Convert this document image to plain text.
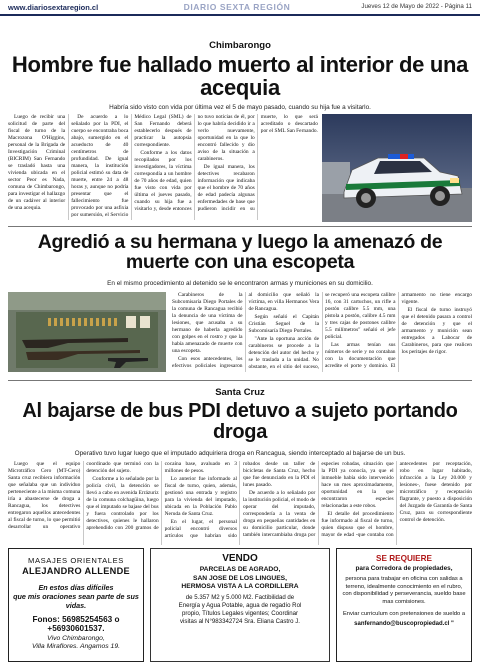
www.diariosextaregion.cl	DIARIO SEXTA REGIÓN	Jueves 12 de Mayo de 2022 - Página 11
Chimbarongo
Hombre fue hallado muerto al interior de una acequia
Habría sido visto con vida por última vez el 5 de mayo pasado, cuando su hija fue a visitarlo.

Luego de recibir una solicitud de parte del fiscal de turno de la Macrozona O'Higgins, personal de la Brigada de Investigación Criminal (BICRIM) San Fernando se trasladó hasta una vivienda ubicada en el sector Peor es Nada, comuna de Chimbarongo, para investigar el hallazgo de un cadáver al interior de una acequia.

De acuerdo a lo señalado por la PDI, el cuerpo se encontraba boca abajo, sumergido en el acueducto de 40 centímetros de profundidad. De igual manera, la institución policial estimó su data de muerte, entre 24 a 48 horas y, aunque no podría presentar que el fallecimiento fue provocado por una asfixia por sumersión, el Servicio Médico Legal (SML) de San Fernando deberá establecerlo después de practicar la autopsia correspondiente.

Conforme a los datos recopilados por los investigadores, la víctima correspondía a un hombre de 70 años de edad, quien fue visto con vida por última el jueves pasado, cuando su hija fue a visitarlo y, desde entonces no tuvo noticias de él, por lo que habría decidido ir a verlo nuevamente, oportunidad en la que lo encontró fallecido y dio aviso de la situación a carabineros.

De igual manera, los detectives recabaron información que indicaba que el hombre de 70 años de edad padecía algunas enfermedades de base que pudieron incidir en su muerte, lo que será acreditado o descartado por el SML San Fernando.

Agredió a su hermana y luego la amenazó de muerte con una escopeta
En el mismo procedimiento al detenido se le encontraron armas y municiones en su domicilio.

Carabineros de la Subcomisaría Diego Portales de la comuna de Rancagua recibió la denuncia de una víctima de lesiones, que acusaba a su hermano de haberla agredido con golpes en el rostro y que la había amenazado de muerte con una escopeta.

Con esos antecedentes, los efectivos policiales ingresaron al domicilio que señaló la víctima, en villa Hermanos Vera de Rancagua.

Según señaló el Capitán Cristián Seguel de la Subcomisaría Diego Portales.

"Ante la oportuna acción de carabineros se procede a la detención del autor del hecho y se le traslada a la unidad. No obstante, en el sitio del suceso, se recuperó una escopeta calibre 16, con 31 cartuchos, un rifle a postón calibre 5.5 mm, una pistola a postón, calibre 4.5 mm y tres cajas de postones calibre 5.5 milímetros" señaló el jefe policial.

Las armas tenían sus números de serie y no contaban con la documentación que acredite el porte y dominio. El armamento no tiene encargo vigente.

El fiscal de turno instruyó que el detenido pasara a control de detención y que el armamento y munición sean entregados a Labocar de Carabineros, para que realicen los peritajes de rigor.

Santa Cruz
Al bajarse de bus PDI detuvo a sujeto portando droga
Operativo tuvo lugar luego que el imputado adquiriera droga en Rancagua, siendo interceptado al bajarse de un bus.

Luego que el equipo Microtráfico Cero (MT-Cero) Santa cruz recibiera información que señalaba que un individuo perteneciente a la misma comuna iría a abastecerse de droga a Rancagua, los detectives entregaron aquellos antecedentes al fiscal de turno, lo que permitió desarrollar un operativo coordinado que terminó con la detención del sujeto.

Conforme a lo señalado por la policía civil, la detención se llevó a cabo en avenida Errázuriz de la comuna colchagüina, luego que el imputado se bajase del bus y fuera controlado por los detectives, quienes le hallaron aprehendido con 200 gramos de cocaína base, avaluado en 3 millones de pesos.

Lo anterior fue informado al fiscal de turno, quien, además, gestionó una entrada y registro para la vivienda del imputado, ubicada en la Población Pablo Neruda de Santa Cruz.

En el lugar, el personal policial encontró diversos artículos que habrían sido robados desde un taller de bicicletas de Santa Cruz, hecho que fue denunciado en la PDI el lunes pasado.

De acuerdo a lo señalado por la institución policial, el modo de operar del imputado, correspondería a la venta de droga en pequeñas cantidades en su domicilio particular, donde también intercambiaba droga por especies robadas, situación que la PDI ya conocía, ya que el inmueble había sido intervenido hace un mes aproximadamente, oportunidad en la que encontraron especies relacionadas a este robos.

El detalle del procedimiento fue informado al fiscal de turno, quien dispuso que el hombre, mayor de edad -que contaba con antecedentes por receptación, robo en lugar habitado, infracción a la Ley 20.000 y lesiones-, fuese detenido por microtráfico y receptación flagrante, y puesto a disposición del Juzgado de Garantía de Santa Cruz, para su correspondiente control de detención.

MASAJES ORIENTALES
ALEJANDRO ALLENDE
En estos días difíciles
que mis oraciones sean parte de sus vidas.
Fonos: 56985254563 o +56930601537.
Vivo Chimbarongo,
Villa Miraflores. Angamos 19.
VENDO
PARCELAS DE AGRADO,
SAN JOSE DE LOS LINGUES,
HERMOSA VISTA A LA CORDILLERA
de 5.357 M2 y 5.000 M2. Factibilidad de
Energía y Agua Potable, agua de regadío Rol
propio, Títulos Legales vigentes; Coordinar
visitas al N°983342724 Sra. Eliana Castro J.
SE REQUIERE
para Corredora de propiedades,
persona para trabajar en oficina con salidas a terreno, idealmente conocimiento en el rubro, con disponibilidad y perseverancia, sueldo base mas comisiones.
Enviar curriculum con pretensiones de sueldo a
sanfernando@buscopropiedad.cl "
